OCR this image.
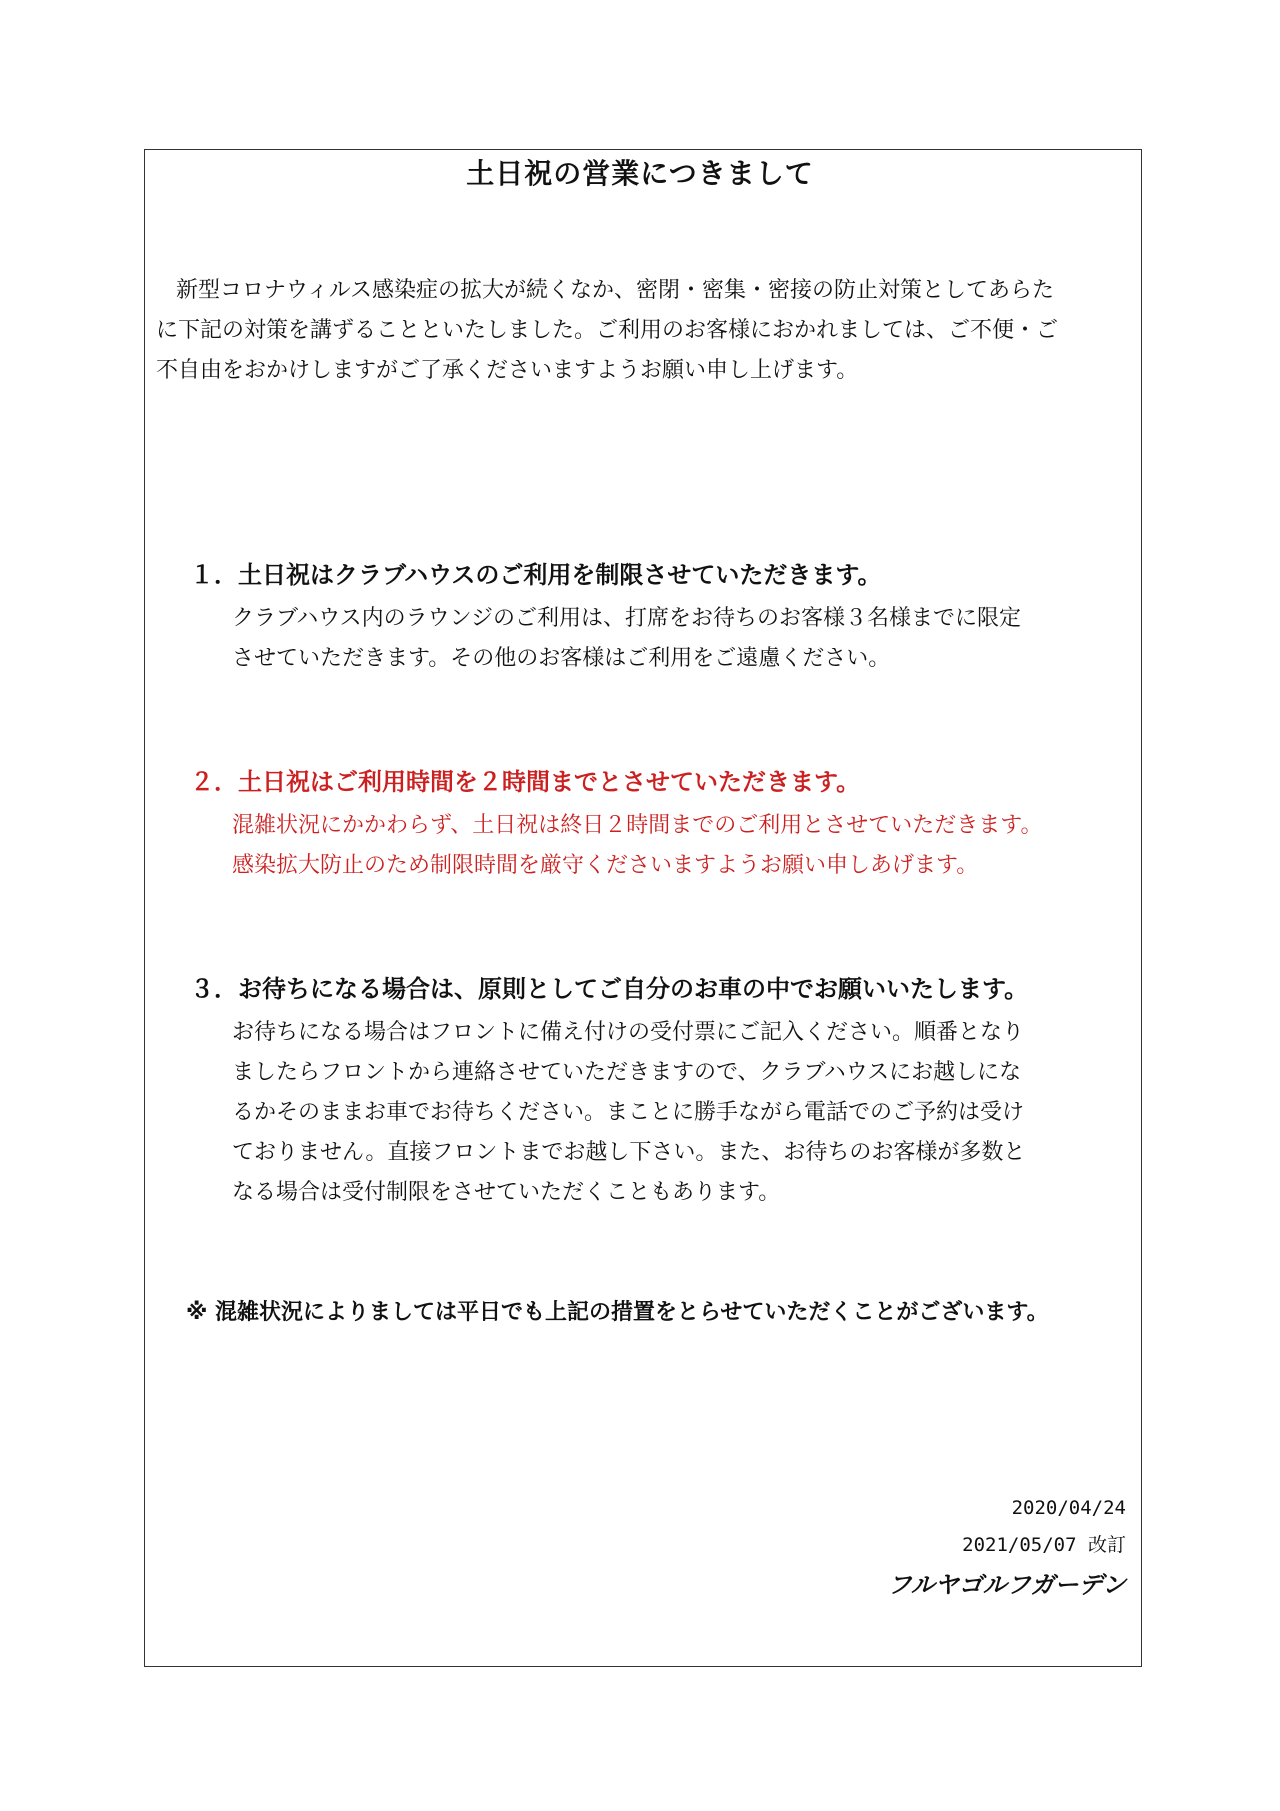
土日祝の営業につきまして
新型コロナウィルス感染症の拡大が続くなか、密閉・密集・密接の防止対策としてあらた
に下記の対策を講ずることといたしました。ご利用のお客様におかれましては、ご不便・ご
不自由をおかけしますがご了承くださいますようお願い申し上げます。
１．土日祝はクラブハウスのご利用を制限させていただきます。
クラブハウス内のラウンジのご利用は、打席をお待ちのお客様３名様までに限定
させていただきます。その他のお客様はご利用をご遠慮ください。
２．土日祝はご利用時間を２時間までとさせていただきます。
混雑状況にかかわらず、土日祝は終日２時間までのご利用とさせていただきます。
感染拡大防止のため制限時間を厳守くださいますようお願い申しあげます。
３．お待ちになる場合は、原則としてご自分のお車の中でお願いいたします。
お待ちになる場合はフロントに備え付けの受付票にご記入ください。順番となり
ましたらフロントから連絡させていただきますので、クラブハウスにお越しにな
るかそのままお車でお待ちください。まことに勝手ながら電話でのご予約は受け
ておりません。直接フロントまでお越し下さい。また、お待ちのお客様が多数と
なる場合は受付制限をさせていただくこともあります。
※ 混雑状況によりましては平日でも上記の措置をとらせていただくことがございます。
2020/04/24
2021/05/07 改訂
フルヤゴルフガーデン
